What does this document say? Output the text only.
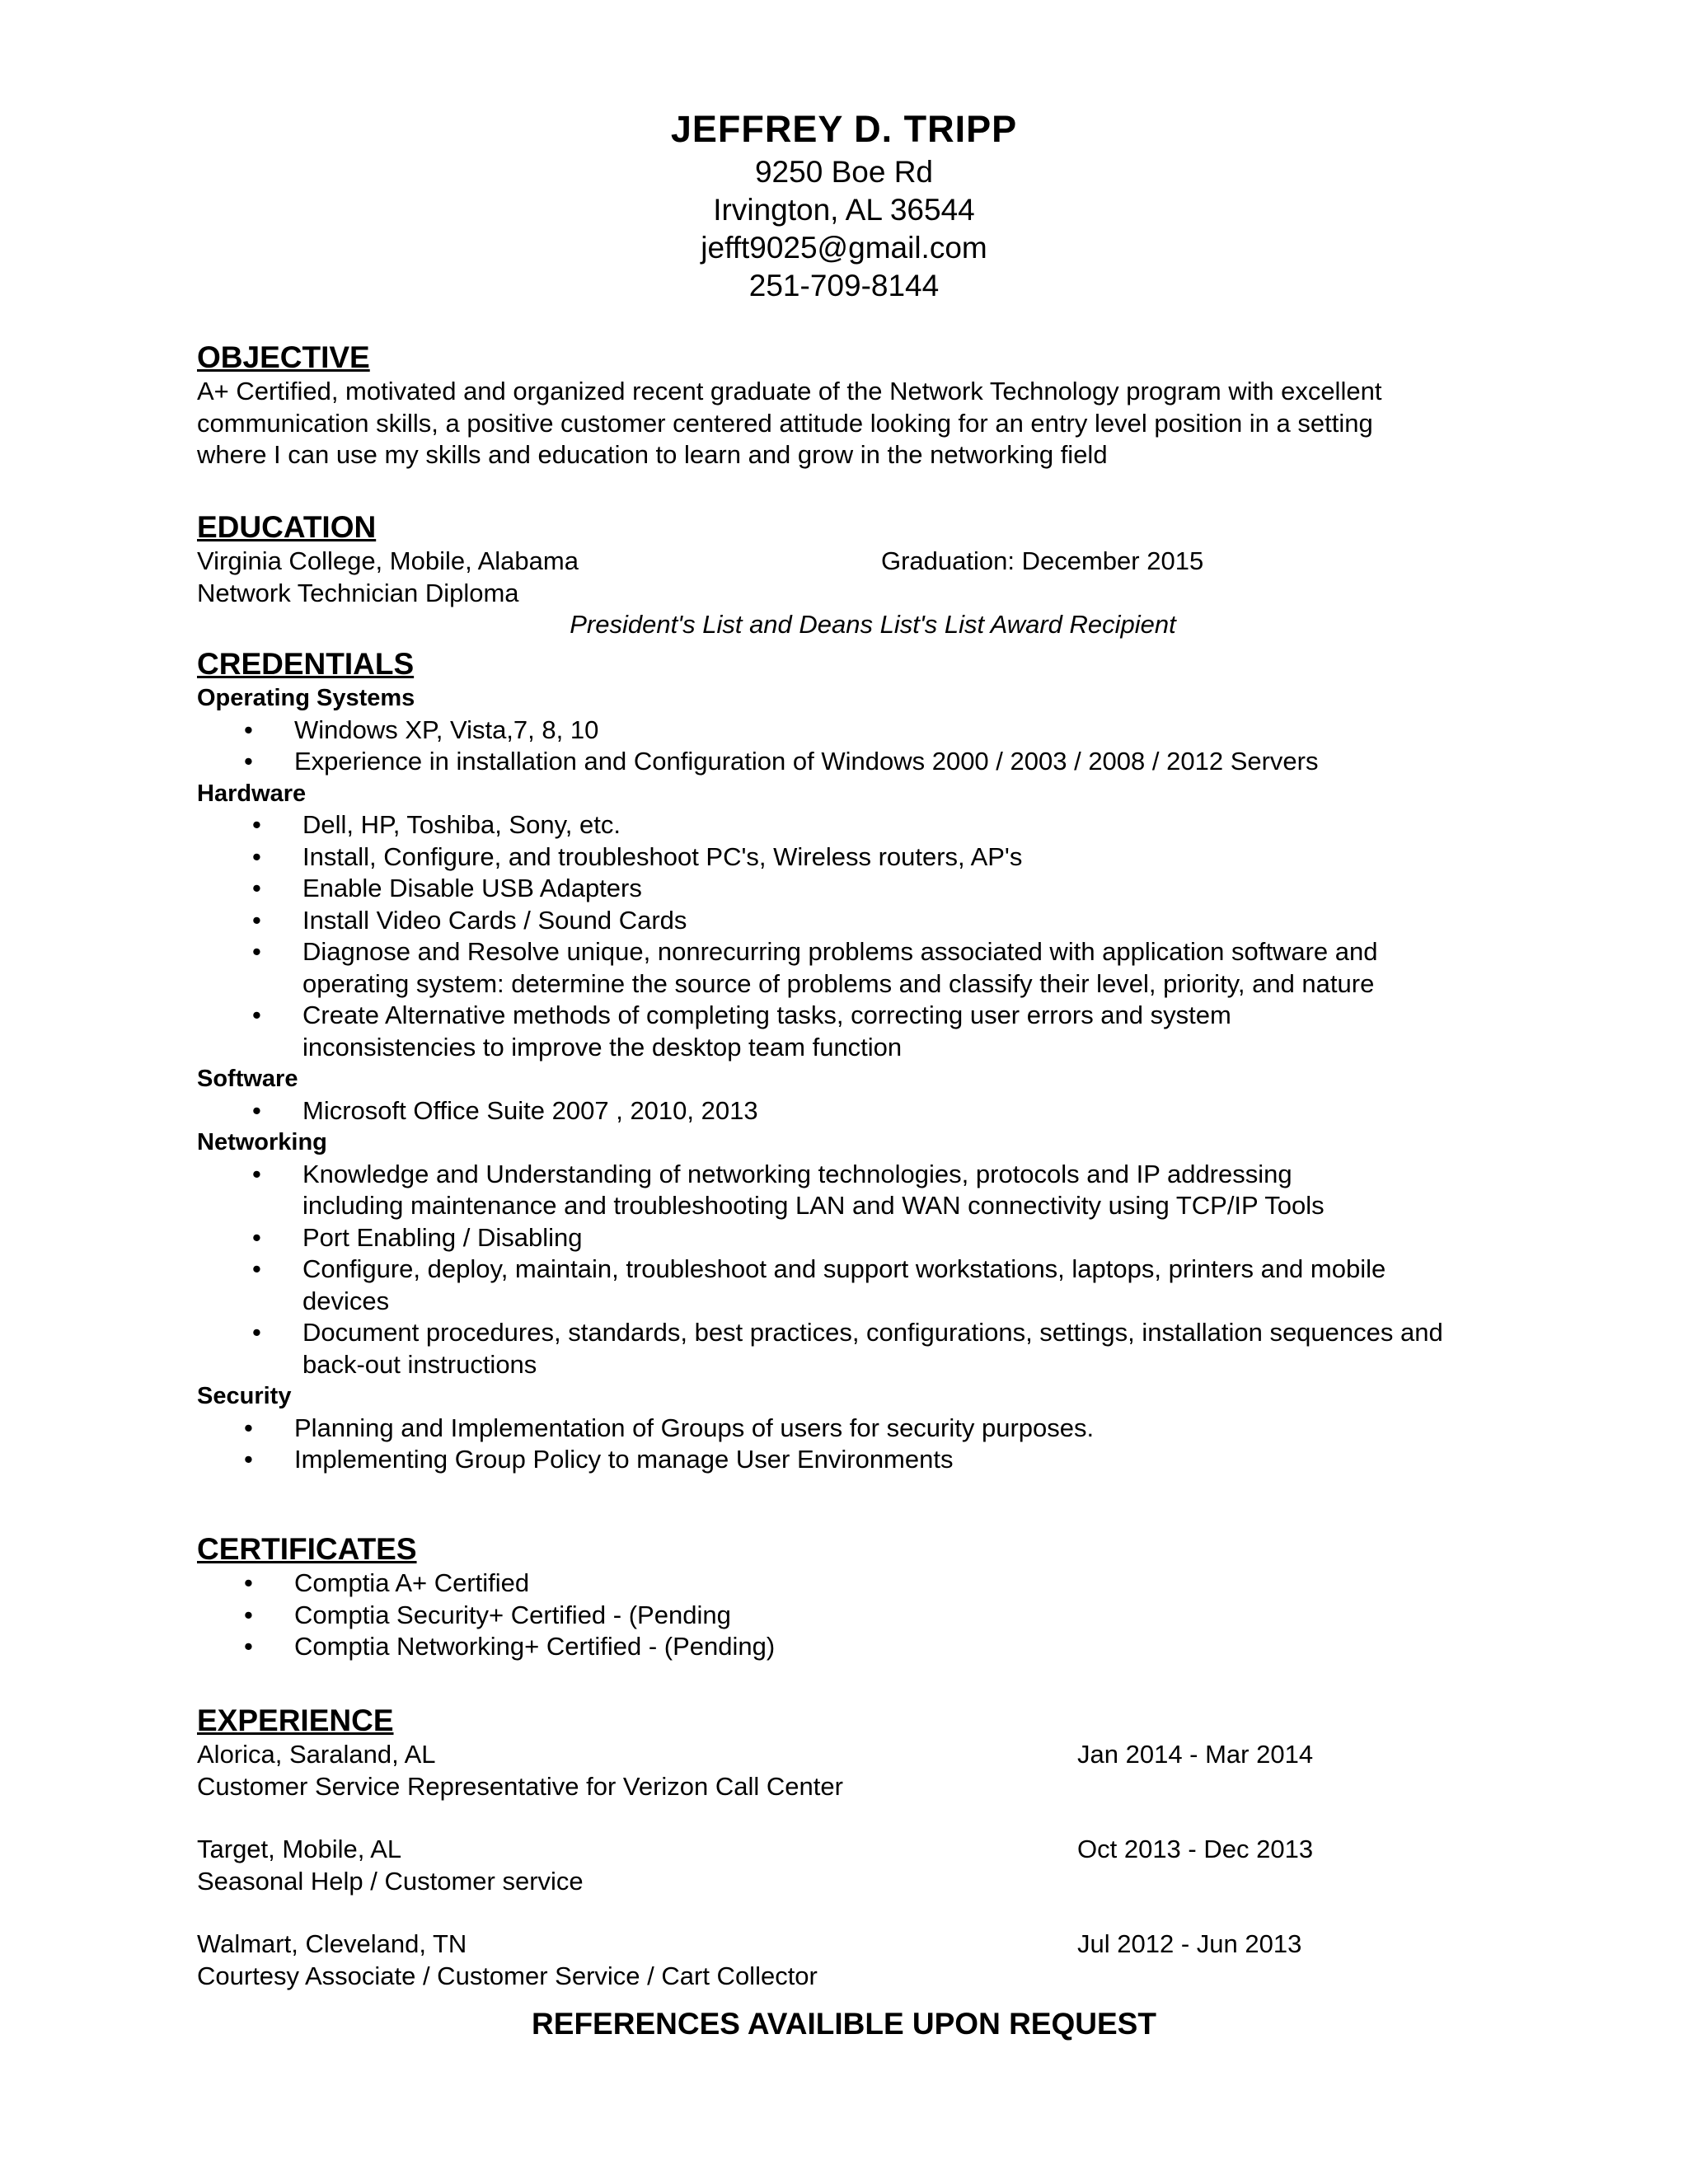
JEFFREY D. TRIPP
9250 Boe Rd
Irvington, AL 36544
jefft9025@gmail.com
251-709-8144
OBJECTIVE
A+ Certified, motivated and organized recent graduate of the Network Technology program with excellent
communication skills, a positive customer centered attitude looking for an entry level position in a setting
where I can use my skills and education to learn and grow in the networking field
EDUCATION
Virginia College, Mobile, Alabama	Graduation: December 2015
Network Technician Diploma
President's List and Deans List's List Award Recipient
CREDENTIALS
Operating Systems
• Windows XP, Vista,7, 8, 10
• Experience in installation and Configuration of Windows 2000 / 2003 / 2008 / 2012 Servers
Hardware
• Dell, HP, Toshiba, Sony, etc.
• Install, Configure, and troubleshoot PC's, Wireless routers, AP's
• Enable Disable USB Adapters
• Install Video Cards / Sound Cards
• Diagnose and Resolve unique, nonrecurring problems associated with application software and operating system: determine the source of problems and classify their level, priority, and nature
• Create Alternative methods of completing tasks, correcting user errors and system inconsistencies to improve the desktop team function
Software
• Microsoft Office Suite 2007 , 2010, 2013
Networking
• Knowledge and Understanding of networking technologies, protocols and IP addressing including maintenance and troubleshooting LAN and WAN connectivity using TCP/IP Tools
• Port Enabling / Disabling
• Configure, deploy, maintain, troubleshoot and support workstations, laptops, printers and mobile devices
• Document procedures, standards, best practices, configurations, settings, installation sequences and back-out instructions
Security
• Planning and Implementation of Groups of users for security purposes.
• Implementing Group Policy to manage User Environments
CERTIFICATES
• Comptia A+ Certified
• Comptia Security+ Certified - (Pending
• Comptia Networking+ Certified - (Pending)
EXPERIENCE
Alorica, Saraland, AL	Jan 2014 - Mar 2014
Customer Service Representative for Verizon Call Center
Target, Mobile, AL	Oct 2013 - Dec 2013
Seasonal Help / Customer service
Walmart, Cleveland, TN	Jul 2012 - Jun 2013
Courtesy Associate / Customer Service / Cart Collector
REFERENCES AVAILIBLE UPON REQUEST
